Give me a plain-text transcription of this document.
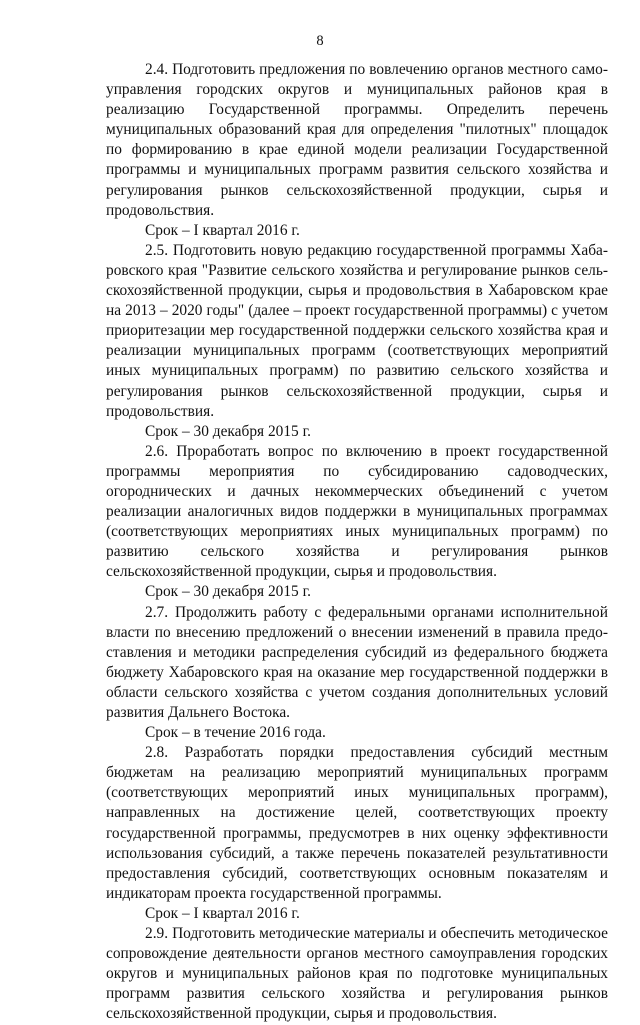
8

2.4. Подготовить предложения по вовлечению органов местного самоуправления городских округов и муниципальных районов края в реализацию Государственной программы. Определить перечень муниципальных образований края для определения "пилотных" площадок по формированию в крае единой модели реализации Государственной программы и муниципальных программ развития сельского хозяйства и регулирования рынков сельскохозяйственной продукции, сырья и продовольствия.

Срок – I квартал 2016 г.

2.5. Подготовить новую редакцию государственной программы Хабаровского края "Развитие сельского хозяйства и регулирование рынков сельскохозяйственной продукции, сырья и продовольствия в Хабаровском крае на 2013 – 2020 годы" (далее – проект государственной программы) с учетом приоритезации мер государственной поддержки сельского хозяйства края и реализации муниципальных программ (соответствующих мероприятий иных муниципальных программ) по развитию сельского хозяйства и регулирования рынков сельскохозяйственной продукции, сырья и продовольствия.

Срок – 30 декабря 2015 г.

2.6. Проработать вопрос по включению в проект государственной программы мероприятия по субсидированию садоводческих, огороднических и дачных некоммерческих объединений с учетом реализации аналогичных видов поддержки в муниципальных программах (соответствующих мероприятиях иных муниципальных программ) по развитию сельского хозяйства и регулирования рынков сельскохозяйственной продукции, сырья и продовольствия.

Срок – 30 декабря 2015 г.

2.7. Продолжить работу с федеральными органами исполнительной власти по внесению предложений о внесении изменений в правила предоставления и методики распределения субсидий из федерального бюджета бюджету Хабаровского края на оказание мер государственной поддержки в области сельского хозяйства с учетом создания дополнительных условий развития Дальнего Востока.

Срок – в течение 2016 года.

2.8. Разработать порядки предоставления субсидий местным бюджетам на реализацию мероприятий муниципальных программ (соответствующих мероприятий иных муниципальных программ), направленных на достижение целей, соответствующих проекту государственной программы, предусмотрев в них оценку эффективности использования субсидий, а также перечень показателей результативности предоставления субсидий, соответствующих основным показателям и индикаторам проекта государственной программы.

Срок – I квартал 2016 г.

2.9. Подготовить методические материалы и обеспечить методическое сопровождение деятельности органов местного самоуправления городских округов и муниципальных районов края по подготовке муниципальных программ развития сельского хозяйства и регулирования рынков сельскохозяйственной продукции, сырья и продовольствия.
